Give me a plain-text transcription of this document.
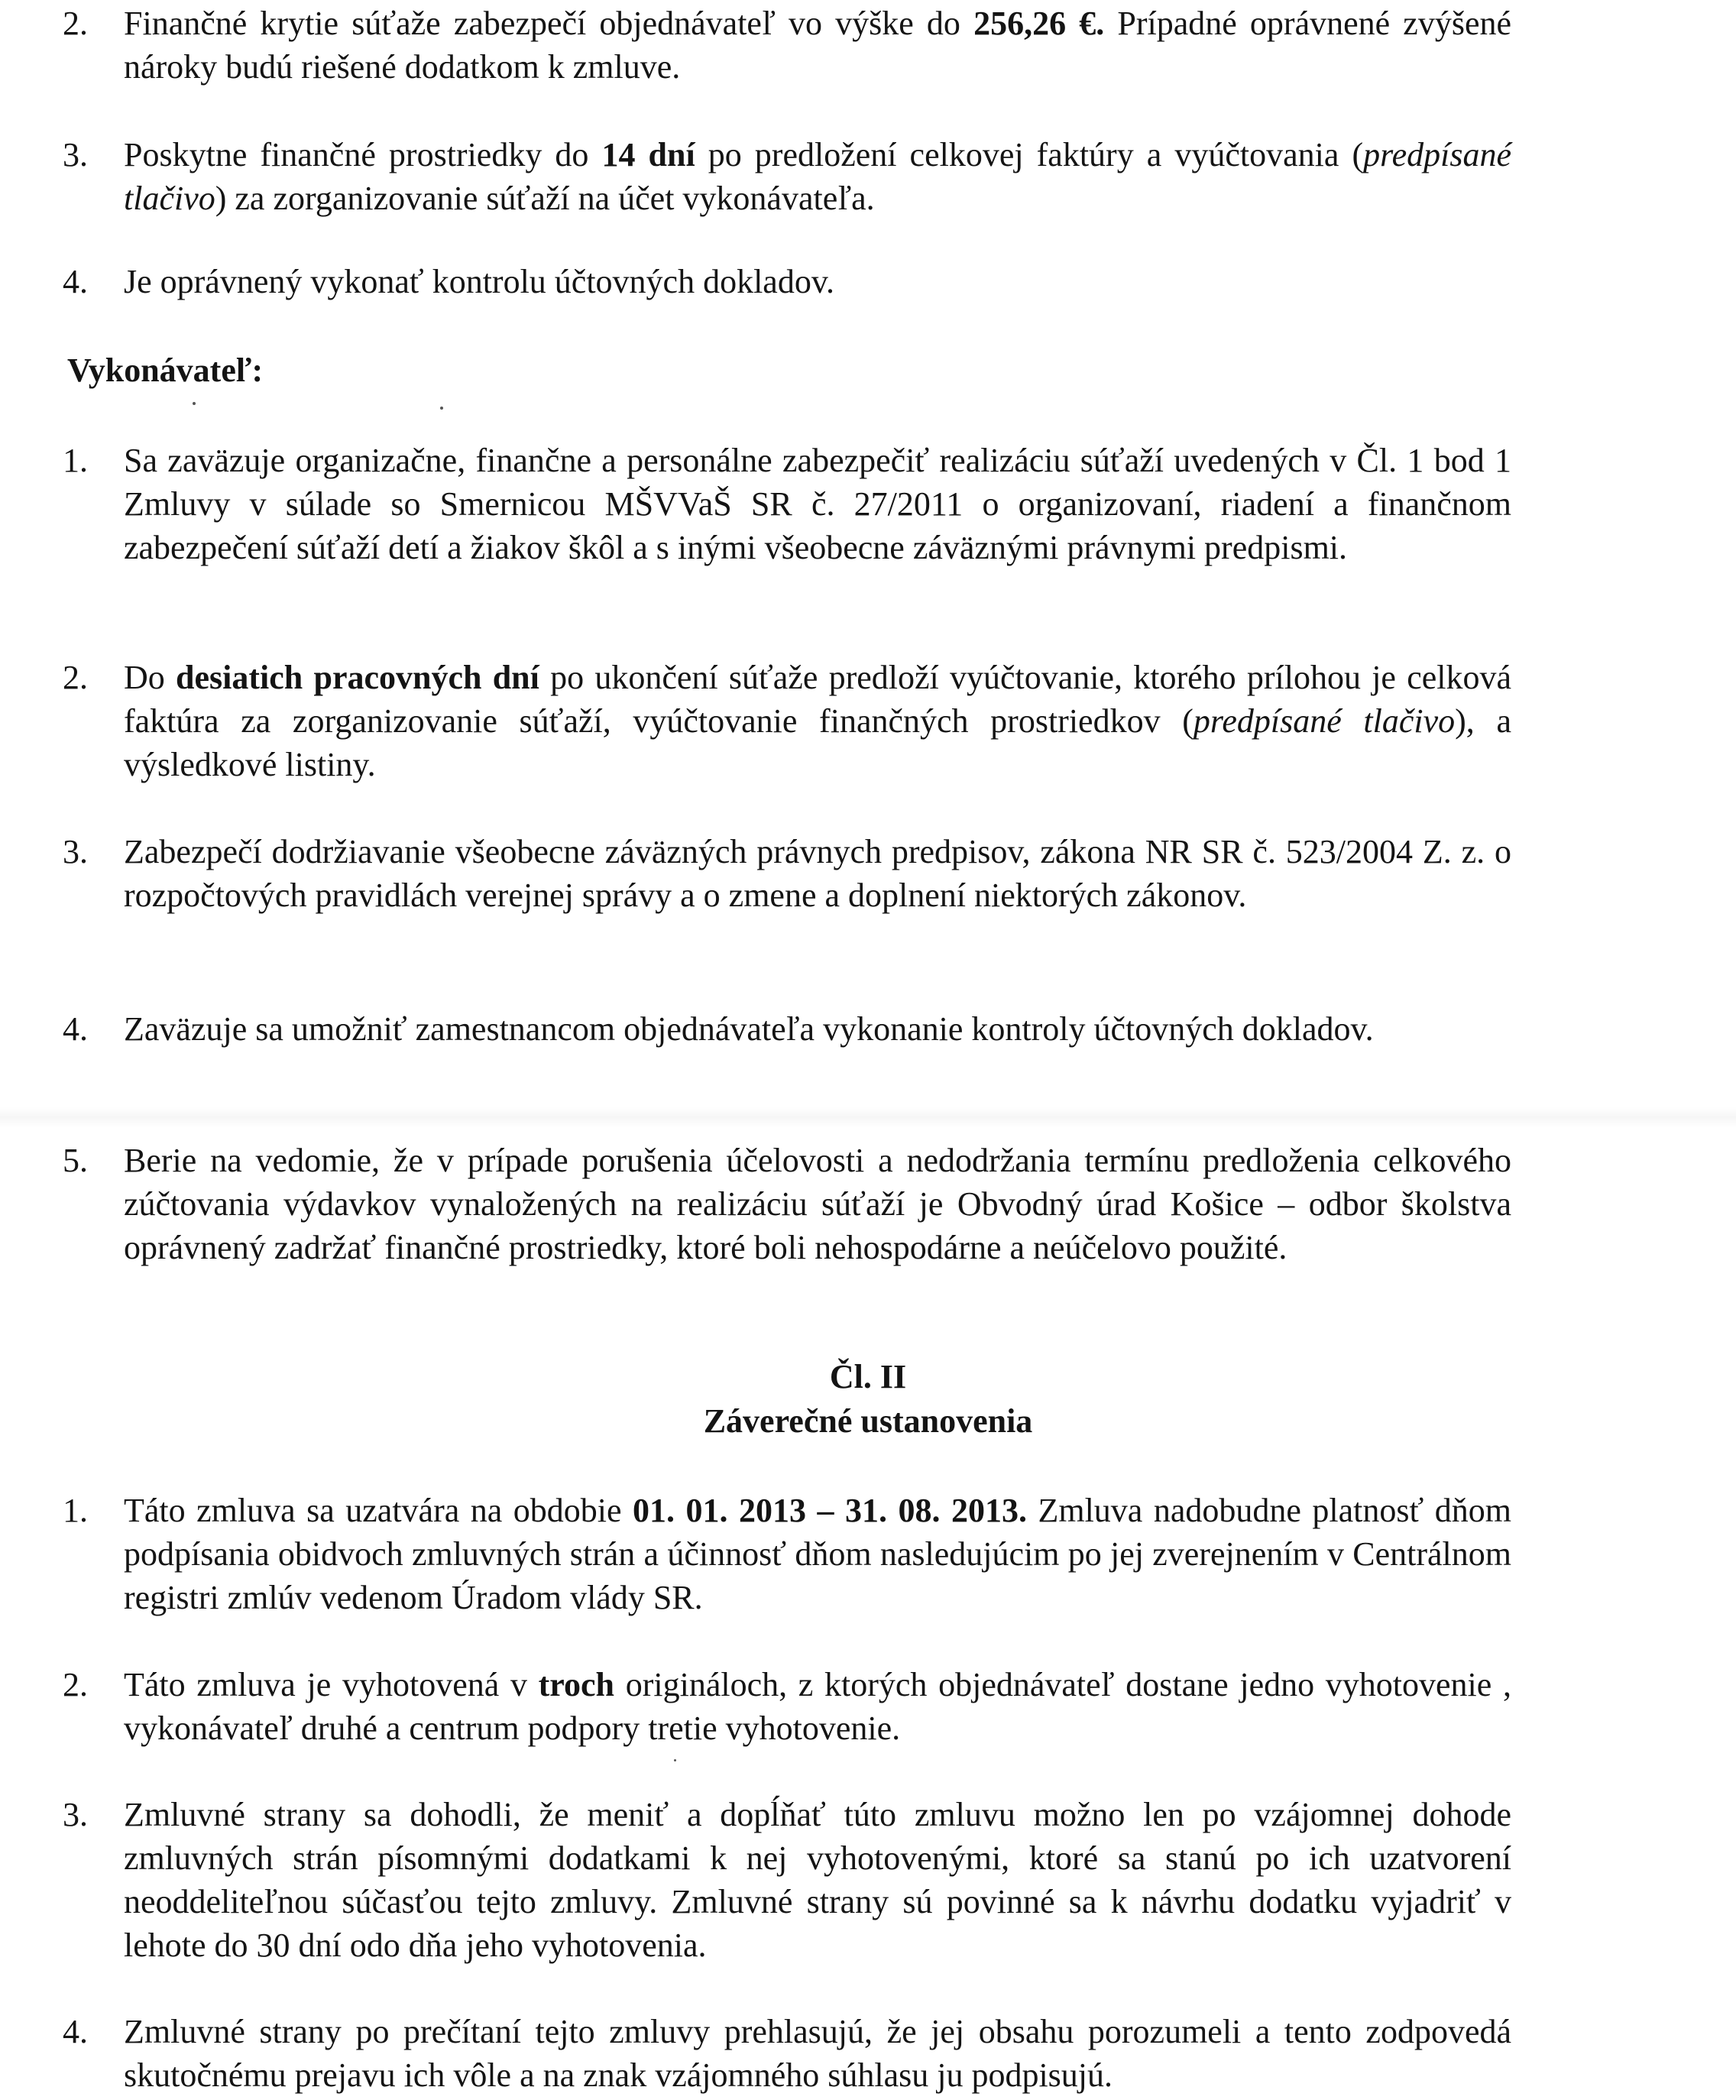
2. Finančné krytie súťaže zabezpečí objednávateľ vo výške do 256,26 €. Prípadné oprávnené zvýšené nároky budú riešené dodatkom k zmluve.

3. Poskytne finančné prostriedky do 14 dní po predložení celkovej faktúry a vyúčtovania (predpísané tlačivo) za zorganizovanie súťaží na účet vykonávateľa.

4. Je oprávnený vykonať kontrolu účtovných dokladov.

Vykonávateľ:
1. Sa zaväzuje organizačne, finančne a personálne zabezpečiť realizáciu súťaží uvedených v Čl. 1 bod 1 Zmluvy v súlade so Smernicou MŠVVaŠ SR č. 27/2011 o organizovaní, riadení a finančnom zabezpečení súťaží detí a žiakov škôl a s inými všeobecne záväznými právnymi predpismi.

2. Do desiatich pracovných dní po ukončení súťaže predloží vyúčtovanie, ktorého prílohou je celková faktúra za zorganizovanie súťaží, vyúčtovanie finančných prostriedkov (predpísané tlačivo), a výsledkové listiny.

3. Zabezpečí dodržiavanie všeobecne záväzných právnych predpisov, zákona NR SR č. 523/2004 Z. z. o rozpočtových pravidlách verejnej správy a o zmene a doplnení niektorých zákonov.

4. Zaväzuje sa umožniť zamestnancom objednávateľa vykonanie kontroly účtovných dokladov.

5. Berie na vedomie, že v prípade porušenia účelovosti a nedodržania termínu predloženia celkového zúčtovania výdavkov vynaložených na realizáciu súťaží je Obvodný úrad Košice – odbor školstva oprávnený zadržať finančné prostriedky, ktoré boli nehospodárne a neúčelovo použité.

Čl. II
Záverečné ustanovenia
1. Táto zmluva sa uzatvára na obdobie 01. 01. 2013 – 31. 08. 2013. Zmluva nadobudne platnosť dňom podpísania obidvoch zmluvných strán a účinnosť dňom nasledujúcim po jej zverejnením v Centrálnom registri zmlúv vedenom Úradom vlády SR.

2. Táto zmluva je vyhotovená v troch origináloch, z ktorých objednávateľ dostane jedno vyhotovenie , vykonávateľ druhé a centrum podpory tretie vyhotovenie.

3. Zmluvné strany sa dohodli, že meniť a dopĺňať túto zmluvu možno len po vzájomnej dohode zmluvných strán písomnými dodatkami k nej vyhotovenými, ktoré sa stanú po ich uzatvorení neoddeliteľnou súčasťou tejto zmluvy. Zmluvné strany sú povinné sa k návrhu dodatku vyjadriť v lehote do 30 dní odo dňa jeho vyhotovenia.

4. Zmluvné strany po prečítaní tejto zmluvy prehlasujú, že jej obsahu porozumeli a tento zodpovedá skutočnému prejavu ich vôle a na znak vzájomného súhlasu ju podpisujú.
